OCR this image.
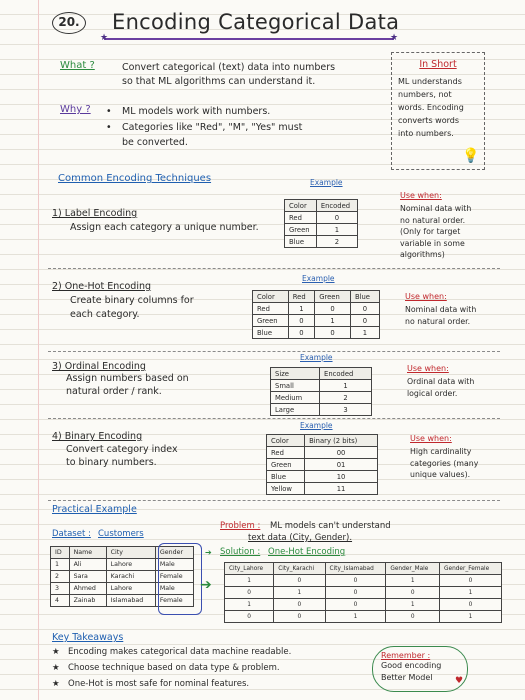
20.	Encoding Categorical Data
★	★
What ?	Convert categorical (text) data into numbers
so that ML algorithms can understand it.
Why ? • ML models work with numbers.
• Categories like "Red", "M", "Yes" must
be converted.
In Short
ML understands
numbers, not
words. Encoding
converts words
into numbers.
💡
Common Encoding Techniques	Example
1) Label Encoding
Assign each category a unique number.
Color	Encoded
Red	0
Green	1
Blue	2
Use when:
Nominal data with
no natural order.
(Only for target
variable in some
algorithms)
Example
2) One-Hot Encoding
Create binary columns for
each category.
Color	Red	Green	Blue
Red	1	0	0
Green	0	1	0
Blue	0	0	1
Use when:
Nominal data with
no natural order.
Example
3) Ordinal Encoding
Assign numbers based on
natural order / rank.
Size	Encoded
Small	1
Medium	2
Large	3
Use when:
Ordinal data with
logical order.
Example
4) Binary Encoding
Convert category index
to binary numbers.
Color	Binary (2 bits)
Red	00
Green	01
Blue	10
Yellow	11
Use when:
High cardinality
categories (many
unique values).
Practical Example
Dataset : Customers
ID	Name	City	Gender
1	Ali	Lahore	Male
2	Sara	Karachi	Female
3	Ahmed	Lahore	Male
4	Zainab	Islamabad	Female
Problem : ML models can't understand
text data (City, Gender).
➔ Solution : One-Hot Encoding
➔
City_Lahore	City_Karachi	City_Islamabad	Gender_Male	Gender_Female
1	0	0	1	0
0	1	0	0	1
1	0	0	1	0
0	0	1	0	1
Key Takeaways
★ Encoding makes categorical data machine readable.
★ Choose technique based on data type & problem.
★ One-Hot is most safe for nominal features.
Remember :
Good encoding
Better Model	♥
